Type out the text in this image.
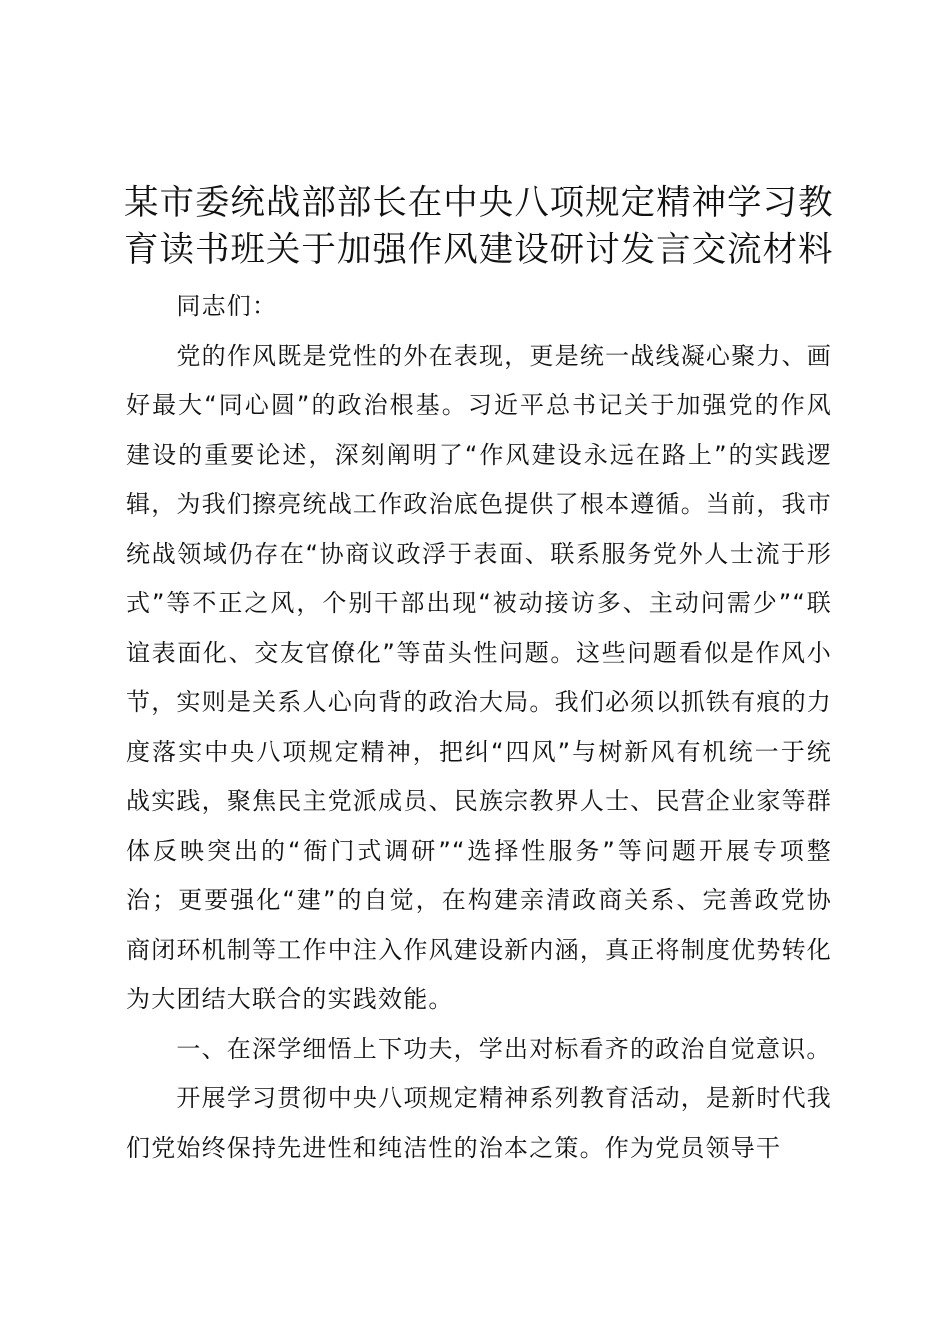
某市委统战部部长在中央八项规定精神学习教
育读书班关于加强作风建设研讨发言交流材料

同志们：

党的作风既是党性的外在表现，更是统一战线凝心聚力、画好最大“同心圆”的政治根基。习近平总书记关于加强党的作风建设的重要论述，深刻阐明了“作风建设永远在路上”的实践逻辑，为我们擦亮统战工作政治底色提供了根本遵循。当前，我市统战领域仍存在“协商议政浮于表面、联系服务党外人士流于形式”等不正之风，个别干部出现“被动接访多、主动问需少”“联谊表面化、交友官僚化”等苗头性问题。这些问题看似是作风小节，实则是关系人心向背的政治大局。我们必须以抓铁有痕的力度落实中央八项规定精神，把纠“四风”与树新风有机统一于统战实践，聚焦民主党派成员、民族宗教界人士、民营企业家等群体反映突出的“衙门式调研”“选择性服务”等问题开展专项整治；更要强化“建”的自觉，在构建亲清政商关系、完善政党协商闭环机制等工作中注入作风建设新内涵，真正将制度优势转化为大团结大联合的实践效能。

一、在深学细悟上下功夫，学出对标看齐的政治自觉意识。

开展学习贯彻中央八项规定精神系列教育活动，是新时代我们党始终保持先进性和纯洁性的治本之策。作为党员领导干
